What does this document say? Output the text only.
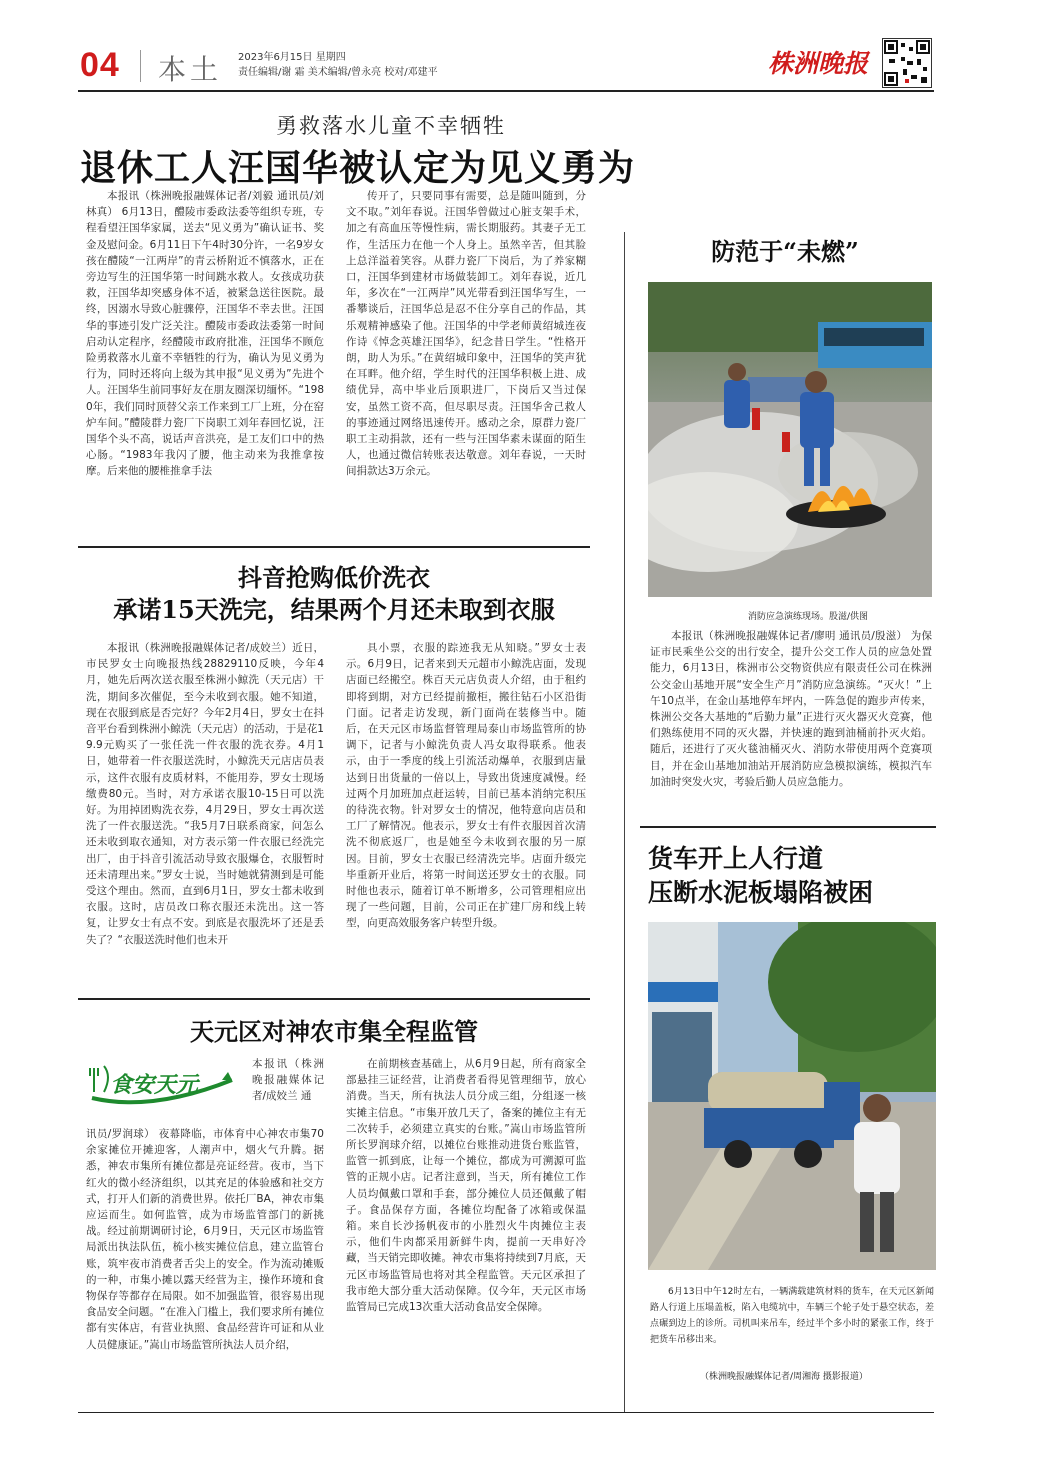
04 本土 2023年6月15日 星期四
责任编辑/谢 霜 美术编辑/曾永亮 校对/邓建平	株洲晚报
勇救落水儿童不幸牺牲
退休工人汪国华被认定为见义勇为
本报讯（株洲晚报融媒体记者/刘毅 通讯员/刘林真） 6月13日，醴陵市委政法委等组织专班，专程看望汪国华家属，送去“见义勇为”确认证书、奖金及慰问金。6月11日下午4时30分许，一名9岁女孩在醴陵“一江两岸”的青云桥附近不慎落水，正在旁边写生的汪国华第一时间跳水救人。女孩成功获救，汪国华却突感身体不适，被紧急送往医院。最终，因溺水导致心脏骤停，汪国华不幸去世。汪国华的事迹引发广泛关注。醴陵市委政法委第一时间启动认定程序，经醴陵市政府批准，汪国华不顾危险勇救落水儿童不幸牺牲的行为，确认为见义勇为行为，同时还将向上级为其申报“见义勇为”先进个人。汪国华生前同事好友在朋友圈深切缅怀。“1980年，我们同时顶替父亲工作来到工厂上班，分在窑炉车间。”醴陵群力瓷厂下岗职工刘年春回忆说，汪国华个头不高，说话声音洪亮，是工友们口中的热心肠。“1983年我闪了腰，他主动来为我推拿按摩。后来他的腰椎推拿手法
传开了，只要同事有需要，总是随叫随到，分文不取。”刘年春说。汪国华曾做过心脏支架手术，加之有高血压等慢性病，需长期服药。其妻子无工作，生活压力在他一个人身上。虽然辛苦，但其脸上总洋溢着笑容。从群力瓷厂下岗后，为了养家糊口，汪国华到建材市场做装卸工。刘年春说，近几年，多次在“一江两岸”风光带看到汪国华写生，一番攀谈后，汪国华总是忍不住分享自己的作品，其乐观精神感染了他。汪国华的中学老师黄绍城连夜作诗《悼念英雄汪国华》，纪念昔日学生。“性格开朗，助人为乐。”在黄绍城印象中，汪国华的笑声犹在耳畔。他介绍，学生时代的汪国华积极上进、成绩优异，高中毕业后顶职进厂，下岗后又当过保安，虽然工资不高，但尽职尽责。汪国华舍己救人的事迹通过网络迅速传开。感动之余，原群力瓷厂职工主动捐款，还有一些与汪国华素未谋面的陌生人，也通过微信转账表达敬意。刘年春说，一天时间捐款达3万余元。
抖音抢购低价洗衣
承诺15天洗完，结果两个月还未取到衣服
本报讯（株洲晚报融媒体记者/成姣兰）近日，市民罗女士向晚报热线28829110反映，今年4月，她先后两次送衣服至株洲小鲸洗（天元店）干洗，期间多次催促，至今未收到衣服。她不知道，现在衣服到底是否完好？今年2月4日，罗女士在抖音平台看到株洲小鲸洗（天元店）的活动，于是花19.9元购买了一张任洗一件衣服的洗衣券。4月1日，她带着一件衣服送洗时，小鲸洗天元店店员表示，这件衣服有皮质材料，不能用券，罗女士现场缴费80元。当时，对方承诺衣服10-15日可以洗好。为用掉团购洗衣券，4月29日，罗女士再次送洗了一件衣服送洗。“我5月7日联系商家，问怎么还未收到取衣通知，对方表示第一件衣服已经洗完出厂，由于抖音引流活动导致衣服爆仓，衣服暂时还未清理出来。”罗女士说，当时她就猜测到是可能受这个理由。然而，直到6月1日，罗女士都未收到衣服。这时，店员改口称衣服还未洗出。这一答复，让罗女士有点不安。到底是衣服洗坏了还是丢失了？“衣服送洗时他们也未开
具小票，衣服的踪迹我无从知晓。”罗女士表示。6月9日，记者来到天元超市小鲸洗店面，发现店面已经搬空。株百天元店负责人介绍，由于租约即将到期，对方已经提前撤柜，搬往钻石小区沿街门面。记者走访发现，新门面尚在装修当中。随后，在天元区市场监督管理局泰山市场监管所的协调下，记者与小鲸洗负责人冯女取得联系。他表示，由于一季度的线上引流活动爆单，衣服到店量达到日出货量的一倍以上，导致出货速度减慢。经过两个月加班加点赶运转，目前已基本消纳完积压的待洗衣物。针对罗女士的情况，他特意向店员和工厂了解情况。他表示，罗女士有件衣服因首次清洗不彻底返厂，也是她至今未收到衣服的另一原因。目前，罗女士衣服已经清洗完毕。店面升级完毕重新开业后，将第一时间送还罗女士的衣服。同时他也表示，随着订单不断增多，公司管理相应出现了一些问题，目前，公司正在扩建厂房和线上转型，向更高效服务客户转型升级。
天元区对神农市集全程监管
食安天元
本报讯（株洲晚报融媒体记者/成姣兰 通
讯员/罗润球） 夜幕降临，市体育中心神农市集70余家摊位开摊迎客，人潮声中，烟火气升腾。据悉，神农市集所有摊位都是亮证经营。夜市，当下红火的微小经济组织，以其充足的体验感和社交方式，打开人们新的消费世界。依托厂BA，神农市集应运而生。如何监管，成为市场监管部门的新挑战。经过前期调研讨论，6月9日，天元区市场监管局派出执法队伍，梳小核实摊位信息，建立监管台账，筑牢夜市消费者舌尖上的安全。作为流动摊贩的一种，市集小摊以露天经营为主，操作环境和食物保存等都存在局限。如不加强监管，很容易出现食品安全问题。“在准入门槛上，我们要求所有摊位都有实体店，有营业执照、食品经营许可证和从业人员健康证。”嵩山市场监管所执法人员介绍，
在前期核查基础上，从6月9日起，所有商家全部悬挂三证经营，让消费者看得见管理细节，放心消费。当天，所有执法人员分成三组，分组逐一核实摊主信息。“市集开放几天了，备案的摊位主有无二次转手，必须建立真实的台账。”嵩山市场监管所所长罗润球介绍，以摊位台账推动进货台账监管，监管一抓到底，让每一个摊位，都成为可溯源可监管的正规小店。记者注意到，当天，所有摊位工作人员均佩戴口罩和手套，部分摊位人员还佩戴了帽子。食品保存方面，各摊位均配备了冰箱或保温箱。来自长沙扬帆夜市的小胜烈火牛肉摊位主表示，他们牛肉都采用新鲜牛肉，提前一天串好冷藏，当天销完即收摊。神农市集将持续到7月底，天元区市场监管局也将对其全程监管。天元区承担了我市绝大部分重大活动保障。仅今年，天元区市场监管局已完成13次重大活动食品安全保障。
防范于“未燃”
消防应急演练现场。股滋/供图
本报讯（株洲晚报融媒体记者/廖明 通讯员/殷滋） 为保证市民乘坐公交的出行安全，提升公交工作人员的应急处置能力，6月13日，株洲市公交物资供应有限责任公司在株洲公交金山基地开展“安全生产月”消防应急演练。“灭火！”上午10点半，在金山基地停车坪内，一阵急促的跑步声传来，株洲公交各大基地的“后勤力量”正进行灭火器灭火竞赛，他们熟练使用不同的灭火器，并快速的跑到油桶前扑灭火焰。随后，还进行了灭火毯油桶灭火、消防水带使用两个竞赛项目，并在金山基地加油站开展消防应急模拟演练，模拟汽车加油时突发火灾，考验后勤人员应急能力。
货车开上人行道
压断水泥板塌陷被困
6月13日中午12时左右，一辆满载建筑材料的货车，在天元区新闻路人行道上压塌盖板，陷入电缆坑中，车辆三个轮子处于悬空状态，差点碾到边上的诊所。司机叫来吊车，经过半个多小时的紧张工作，终于把货车吊移出来。
（株洲晚报融媒体记者/周湘海 摄影报道）
